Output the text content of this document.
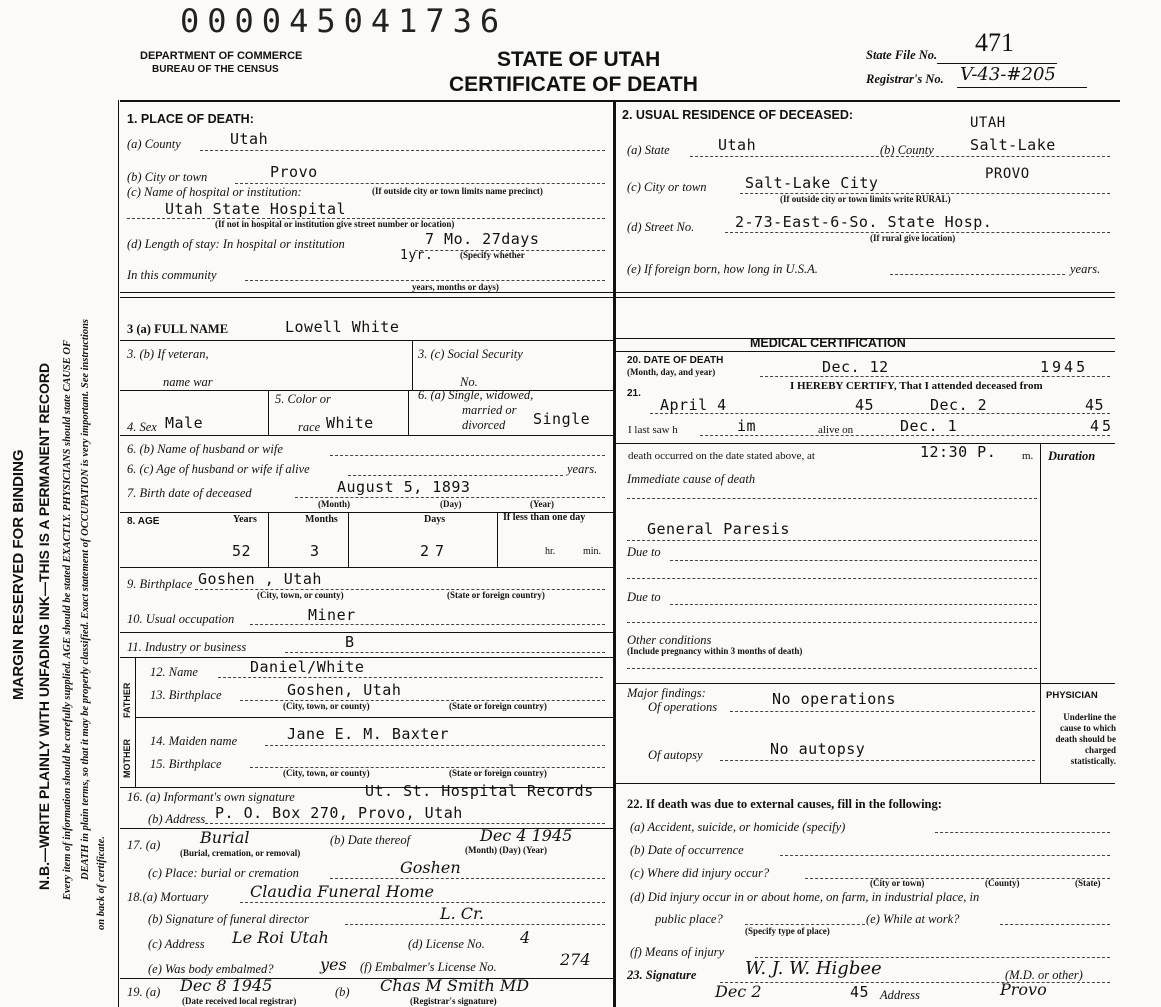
MARGIN RESERVED FOR BINDING N.B.—WRITE PLAINLY WITH UNFADING INK—THIS IS A PERMANENT RECORD Every item of information should be carefully supplied. AGE should be stated EXACTLY. PHYSICIANS should state CAUSE OF DEATH in plain terms, so that it may be properly classified. Exact statement of OCCUPATION is very important. See instructions
on back of certificate.
000045041736
DEPARTMENT OF COMMERCE
BUREAU OF THE CENSUS	STATE OF UTAH
CERTIFICATE OF DEATH
State File No. 471
Registrar's No. V-43-#205
1. PLACE OF DEATH:
(a) County	Utah
(b) City or town	Provo
(c) Name of hospital or institution:	(If outside city or town limits name precinct)
Utah State Hospital
(If not in hospital or institution give street number or location)
(d) Length of stay: In hospital or institution	7 Mo. 27days
1yr.	(Specify whether
In this community
years, months or days)
2. USUAL RESIDENCE OF DECEASED:	UTAH
(a) State	Utah	(b) County Salt-Lake
PROVO
(c) City or town	Salt-Lake City
(If outside city or town limits write RURAL)
(d) Street No.	2-73-East-6-So. State Hosp.
(If rural give location)
(e) If foreign born, how long in U.S.A.	years.
3 (a) FULL NAME	Lowell White
3. (b) If veteran,
name war
3. (c) Social Security
No.
4. Sex Male
5. Color or
race White
6. (a) Single, widowed,
married or
divorced Single
6. (b) Name of husband or wife
6. (c) Age of husband or wife if alive	years.
7. Birth date of deceased	August 5, 1893
(Month)	(Day)	(Year)
8. AGE	Years	Months	Days	If less than one day
52	3	27	hr.	min.
9. Birthplace Goshen , Utah
(City, town, or county)	(State or foreign country)
10. Usual occupation	Miner
11. Industry or business	B
FATHER
12. Name	Daniel/White
13. Birthplace	Goshen, Utah
(City, town, or county)	(State or foreign country)
MOTHER 14. Maiden name	Jane E. M. Baxter
15. Birthplace
(City, town, or county)	(State or foreign country)
16. (a) Informant's own signature	Ut. St. Hospital Records
(b) Address P. O. Box 270, Provo, Utah
17. (a) Burial
(Burial, cremation, or removal)
(b) Date thereof	Dec 4 1945
(Month) (Day) (Year)
(c) Place: burial or cremation	Goshen
18.(a) Mortuary	Claudia Funeral Home
(b) Signature of funeral director	L. Cr.
(c) Address Le Roi Utah	(d) License No. 4
(e) Was body embalmed?	yes (f) Embalmer's License No.	274
19. (a) Dec 8 1945
(Date received local registrar)
(b) Chas M Smith MD
(Registrar's signature)
MEDICAL CERTIFICATION
20. DATE OF DEATH
(Month, day, and year)	Dec. 12	1945
I HEREBY CERTIFY, That I attended deceased from
21.
April 4	45	Dec. 2	45
I last saw h	im	alive on	Dec. 1	45
death occurred on the date stated above, at	12:30 P. m. Duration
Immediate cause of death
General Paresis
Due to
Due to
Other conditions
(Include pregnancy within 3 months of death)
Major findings:
Of operations	No operations
Of autopsy	No autopsy
PHYSICIAN
Underline the cause to which death should be charged statistically.
22. If death was due to external causes, fill in the following:
(a) Accident, suicide, or homicide (specify)
(b) Date of occurrence
(c) Where did injury occur?
(City or town)	(County)	(State)
(d) Did injury occur in or about home, on farm, in industrial place, in
public place?
(Specify type of place)
(e) While at work?
(f) Means of injury
23. Signature	W. J. W. Higbee	(M.D. or other)
Dec 2	45 Address	Provo
